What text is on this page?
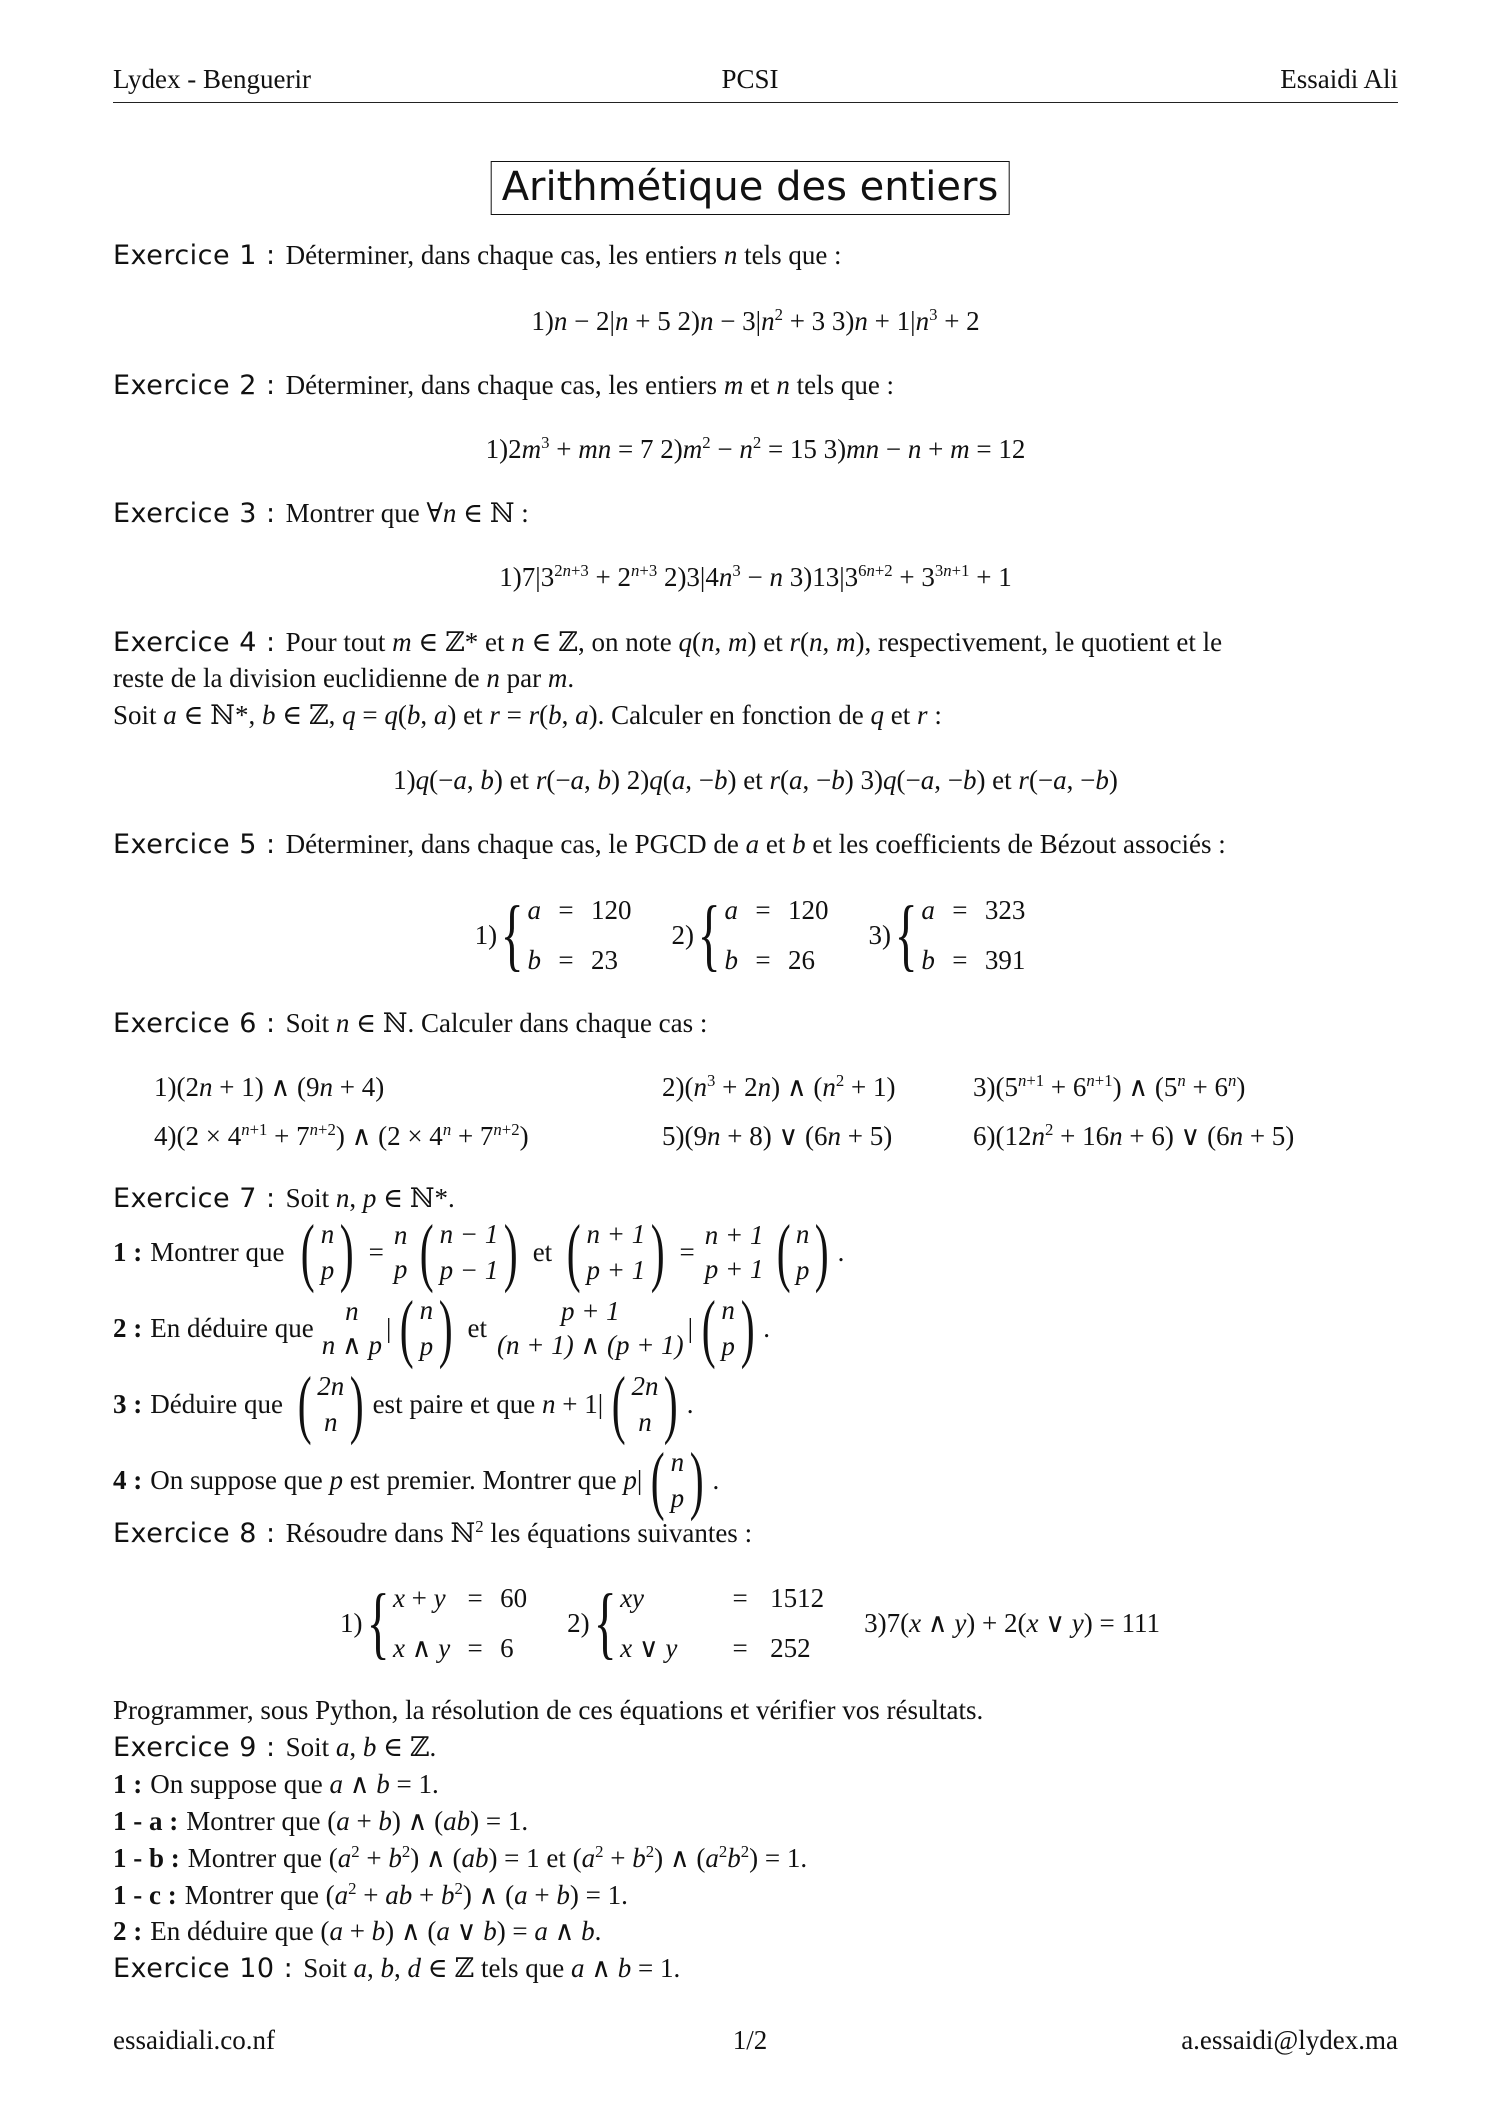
Lydex - Benguerir	PCSI	Essaidi Ali
Arithmétique des entiers
Exercice 1 : Déterminer, dans chaque cas, les entiers n tels que :
1)n − 2|n + 5 $2)n - 3|n^2 + 3$ $3)n + 1|n^3 + 2$
Exercice 2 : Déterminer, dans chaque cas, les entiers m et n tels que :
$1)2m^3$ + mn = 7 $2)m^2 - n^2 = 15$ 3)mn − n + m = 12
Exercice 3 : Montrer que ∀n ∈ ℕ :
$1)7|3^{2n+3} + 2^{n+3}$ $2)3|4n^3 - n$ $3)13|3^{6n+2} + 3^{3n+1} + 1$
Exercice 4 : Pour tout m ∈ ℤ* et n ∈ ℤ, on note q(n, m) et r(n, m), respectivement, le quotient et le
reste de la division euclidienne de n par m.
Soit a ∈ ℕ*, b ∈ ℤ, q = q(b, a) et r = r(b, a). Calculer en fonction de q et r :
1)q(−a, b) et r(−a, b) 2)q(a, −b) et r(a, −b) 3)q(−a, −b) et r(−a, −b)
Exercice 5 : Déterminer, dans chaque cas, le PGCD de a et b et les coefficients de Bézout associés :
1) { a = 120
b = 23
2) { a = 120
b = 26
3) { a = 323
b = 391
Exercice 6 : Soit n ∈ ℕ. Calculer dans chaque cas :
1)(2n + 1) ∧ (9n + 4)	$2)(n^3 + 2n)$ ∧ $(n^2 + 1)$	$3)(5^{n+1} + 6^{n+1})$ ∧ $(5^n + 6^n)$
$4)(2 \times 4^{n+1} + 7^{n+2})$ ∧ $(2 \times 4^n + 7^{n+2})$	5)(9n + 8) ∨ (6n + 5)	$6)(12n^2 + 16n + 6)$ ∨ (6n + 5)
Exercice 7 : Soit n, p ∈ ℕ*.
1 : Montrer que ( n
p ) =
n
p ( n − 1
p − 1 ) et ( n + 1
p + 1 ) =
n + 1
p + 1 ( n
p ) .
2 : En déduire que
n
n ∧ p
| ( n
p ) et
p + 1
(n + 1) ∧ (p + 1)
| ( n
p ) .
3 : Déduire que ( 2n
n ) est paire et que n + 1| ( 2n
n ) .
4 : On suppose que p est premier. Montrer que p| ( n
p ) .
Exercice 8 : Résoudre dans ℕ$^2$ les équations suivantes :
1) { x + y = 60
x ∧ y = 6
2) { xy	= 1512
x ∨ y	= 252
3)7(x ∧ y) + 2(x ∨ y) = 111
Programmer, sous Python, la résolution de ces équations et vérifier vos résultats.
Exercice 9 : Soit a, b ∈ ℤ.
1 : On suppose que a ∧ b = 1.
1 - a : Montrer que (a + b) ∧ (ab) = 1.
1 - b : Montrer que $(a^2 + b^2)$ ∧ (ab) = 1 et $(a^2 + b^2)$ ∧ $(a^2b^2) = 1$.
1 - c : Montrer que ($a^2$ + ab + $b^2$) ∧ (a + b) = 1.
2 : En déduire que (a + b) ∧ (a ∨ b) = a ∧ b.
Exercice 10 : Soit a, b, d ∈ ℤ tels que a ∧ b = 1.
essaidiali.co.nf	1/2	a.essaidi@lydex.ma
